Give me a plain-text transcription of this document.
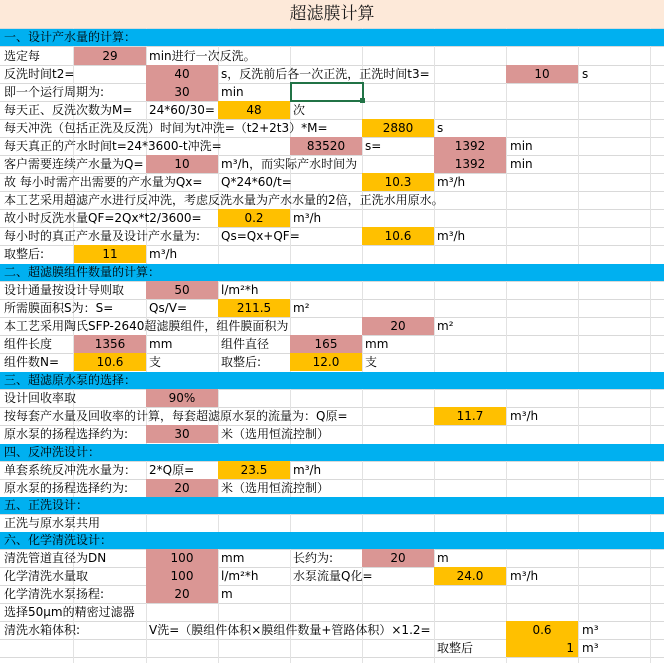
超滤膜计算
一、设计产水量的计算：
选定每	29	min进行一次反洗。
反洗时间t2=	40	s，反洗前后各一次正洗，正洗时间t3=	10	s
即一个运行周期为:	30	min
每天正、反洗次数为M= 24*60/30=	48	次
每天冲洗（包括正洗及反洗）时间为t冲洗=（t2+2t3）*M=	2880	s
每天真正的产水时间t=24*3600-t冲洗=	83520	s=	1392	min
客户需要连续产水量为Q=	10	m³/h，而实际产水时间为	1392	min
故 每小时需产出需要的产水量为Qx= Q*24*60/t=	10.3	m³/h
本工艺采用超滤产水进行反冲洗，考虑反洗水量为产水水量的2倍，正洗水用原水。
故小时反洗水量QF=2Qx*t2/3600=	0.2	m³/h
每小时的真正产水量及设计产水量为: Qs=Qx+QF=	10.6	m³/h
取整后:	11	m³/h
二、超滤膜组件数量的计算：
设计通量按设计导则取	50	l/m²*h
所需膜面积S为：S=	Qs/V=	211.5	m²
本工艺采用陶氏SFP-2640超滤膜组件，组件膜面积为	20	m²
组件长度	1356	mm	组件直径	165	mm
组件数N=	10.6	支	取整后:	12.0	支
三、超滤原水泵的选择：
设计回收率取	90%
按每套产水量及回收率的计算，每套超滤原水泵的流量为：Q原=	11.7	m³/h
原水泵的扬程选择约为:	30	米（选用恒流控制）
四、反冲洗设计：
单套系统反冲洗水量为： 2*Q原=	23.5	m³/h
原水泵的扬程选择约为:	20	米（选用恒流控制）
五、正洗设计：
正洗与原水泵共用
六、化学清洗设计：
清洗管道直径为DN	100	mm	长约为:	20	m
化学清洗水量取	100	l/m²*h	水泵流量Q化=	24.0	m³/h
化学清洗水泵扬程:	20	m
选择50μm的精密过滤器
清洗水箱体积:	V洗=（膜组件体积×膜组件数量+管路体积）×1.2=	0.6	m³
取整后	1 m³
